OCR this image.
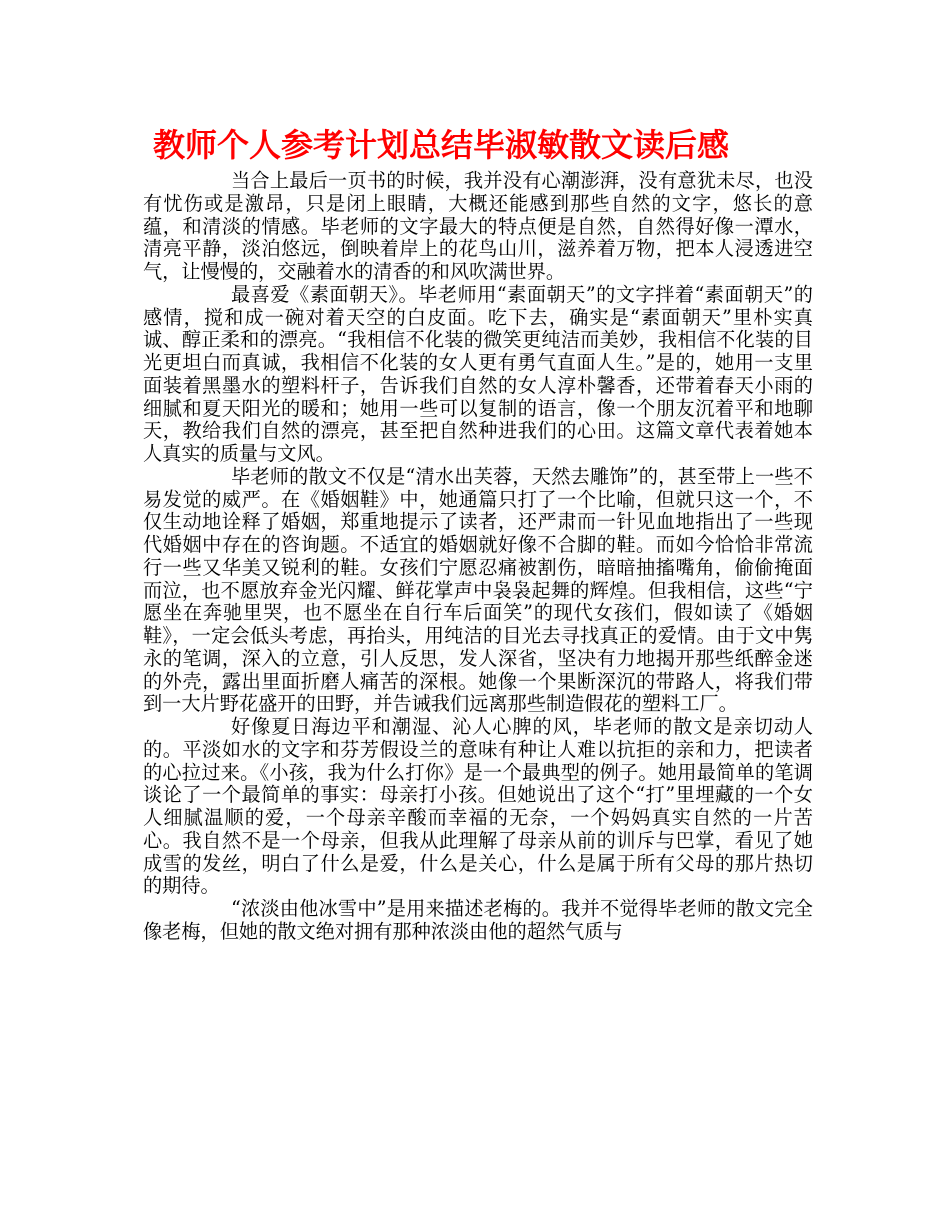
教师个人参考计划总结毕淑敏散文读后感

当合上最后一页书的时候，我并没有心潮澎湃，没有意犹未尽，也没有忧伤或是激昂，只是闭上眼睛，大概还能感到那些自然的文字，悠长的意蕴，和清淡的情感。毕老师的文字最大的特点便是自然，自然得好像一潭水，清亮平静，淡泊悠远，倒映着岸上的花鸟山川，滋养着万物，把本人浸透进空气，让慢慢的，交融着水的清香的和风吹满世界。

最喜爱《素面朝天》。毕老师用“素面朝天”的文字拌着“素面朝天”的感情，搅和成一碗对着天空的白皮面。吃下去，确实是“素面朝天”里朴实真诚、醇正柔和的漂亮。“我相信不化装的微笑更纯洁而美妙，我相信不化装的目光更坦白而真诚，我相信不化装的女人更有勇气直面人生。”是的，她用一支里面装着黑墨水的塑料杆子，告诉我们自然的女人淳朴馨香，还带着春天小雨的细腻和夏天阳光的暖和；她用一些可以复制的语言，像一个朋友沉着平和地聊天，教给我们自然的漂亮，甚至把自然种进我们的心田。这篇文章代表着她本人真实的质量与文风。

毕老师的散文不仅是“清水出芙蓉，天然去雕饰”的，甚至带上一些不易发觉的威严。在《婚姻鞋》中，她通篇只打了一个比喻，但就只这一个，不仅生动地诠释了婚姻，郑重地提示了读者，还严肃而一针见血地指出了一些现代婚姻中存在的咨询题。不适宜的婚姻就好像不合脚的鞋。而如今恰恰非常流行一些又华美又锐利的鞋。女孩们宁愿忍痛被割伤，暗暗抽搐嘴角，偷偷掩面而泣，也不愿放弃金光闪耀、鲜花掌声中袅袅起舞的辉煌。但我相信，这些“宁愿坐在奔驰里哭，也不愿坐在自行车后面笑”的现代女孩们，假如读了《婚姻鞋》，一定会低头考虑，再抬头，用纯洁的目光去寻找真正的爱情。由于文中隽永的笔调，深入的立意，引人反思，发人深省，坚决有力地揭开那些纸醉金迷的外壳，露出里面折磨人痛苦的深根。她像一个果断深沉的带路人，将我们带到一大片野花盛开的田野，并告诫我们远离那些制造假花的塑料工厂。

好像夏日海边平和潮湿、沁人心脾的风，毕老师的散文是亲切动人的。平淡如水的文字和芬芳假设兰的意味有种让人难以抗拒的亲和力，把读者的心拉过来。《小孩，我为什么打你》是一个最典型的例子。她用最简单的笔调谈论了一个最简单的事实：母亲打小孩。但她说出了这个“打”里埋藏的一个女人细腻温顺的爱，一个母亲辛酸而幸福的无奈，一个妈妈真实自然的一片苦心。我自然不是一个母亲，但我从此理解了母亲从前的训斥与巴掌，看见了她成雪的发丝，明白了什么是爱，什么是关心，什么是属于所有父母的那片热切的期待。

“浓淡由他冰雪中”是用来描述老梅的。我并不觉得毕老师的散文完全像老梅，但她的散文绝对拥有那种浓淡由他的超然气质与
